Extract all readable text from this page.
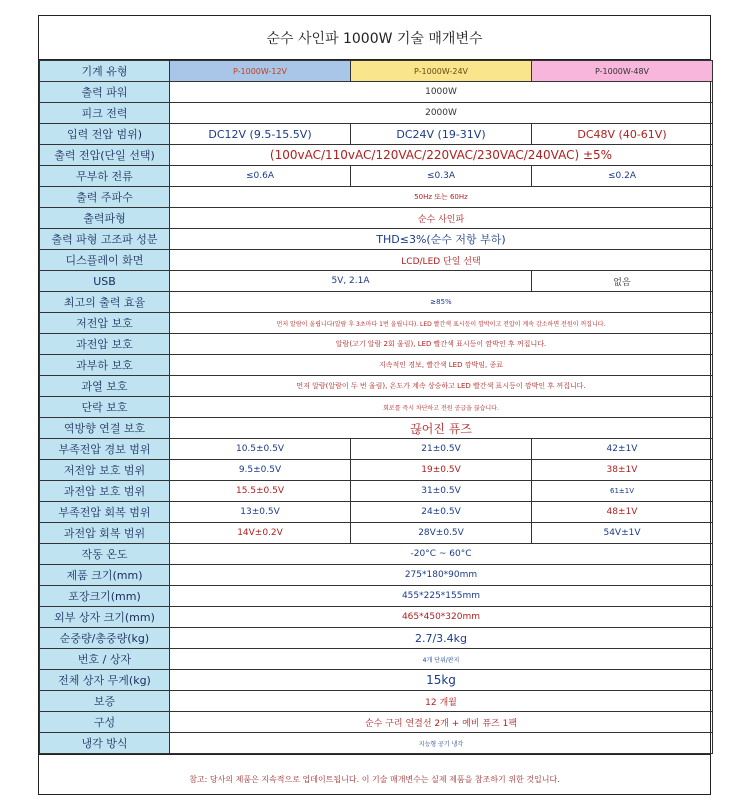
순수 사인파 1000W 기술 매개변수
기계 유형	P-1000W-12V	P-1000W-24V	P-1000W-48V
출력 파워	1000W		
피크 전력	2000W		
입력 전압 범위)	DC12V (9.5-15.5V)	DC24V (19-31V)	DC48V (40-61V)
출력 전압(단일 선택)	(100vAC/110vAC/120VAC/220VAC/230VAC/240VAC) ±5%		
무부하 전류	≤0.6A	≤0.3A	≤0.2A
출력 주파수	50Hz 또는 60Hz		
출력파형	순수 사인파		
출력 파형 고조파 성분	THD≤3%(순수 저항 부하)		
디스플레이 화면	LCD/LED 단일 선택		
USB	5V, 2.1A		없음
최고의 출력 효율	≥85%		
저전압 보호	먼저 알람이 울립니다(알람 후 3초마다 1번 울립니다). LED 빨간색 표시등이 깜박이고 전압이 계속 감소하면 전원이 꺼집니다.		
과전압 보호	알람(고기 알람 2회 울림), LED 빨간색 표시등이 깜박인 후 꺼집니다.		
과부하 보호	지속적인 경보, 빨간색 LED 깜박임, 종료		
과열 보호	먼저 알람(알람이 두 번 울림), 온도가 계속 상승하고 LED 빨간색 표시등이 깜박인 후 꺼집니다.		
단락 보호	회로를 즉시 차단하고 전원 공급을 끊습니다.		
역방향 연결 보호	끊어진 퓨즈		
부족전압 경보 범위	10.5±0.5V	21±0.5V	42±1V
저전압 보호 범위	9.5±0.5V	19±0.5V	38±1V
과전압 보호 범위	15.5±0.5V	31±0.5V	61±1V
부족전압 회복 범위	13±0.5V	24±0.5V	48±1V
과전압 회복 범위	14V±0.2V	28V±0.5V	54V±1V
작동 온도	-20°C ~ 60°C		
제품 크기(mm)	275*180*90mm		
포장크기(mm)	455*225*155mm		
외부 상자 크기(mm)	465*450*320mm		
순중량/총중량(kg)	2.7/3.4kg		
번호 / 상자	4개 단위/판지		
전체 상자 무게(kg)	15kg		
보증	12 개월		
구성	순수 구리 연결선 2개 + 예비 퓨즈 1팩		
냉각 방식	지능형 공기 냉각		
참고: 당사의 제품은 지속적으로 업데이트됩니다. 이 기술 매개변수는 실제 제품을 참조하기 위한 것입니다.
